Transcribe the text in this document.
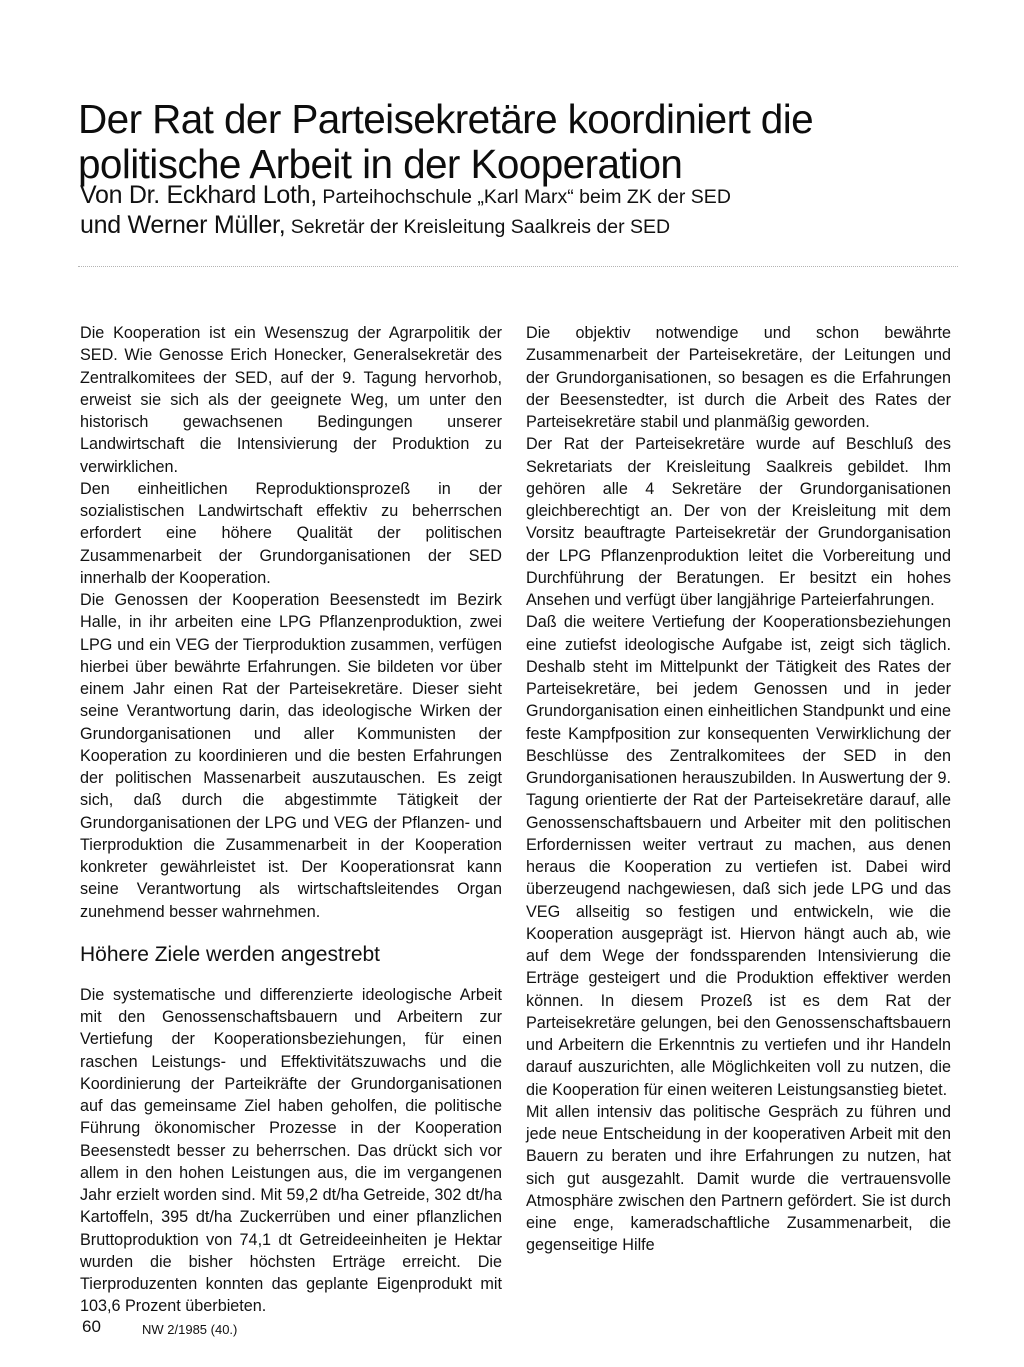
Der Rat der Parteisekretäre koordiniert die politische Arbeit in der Kooperation
Von Dr. Eckhard Loth, Parteihochschule „Karl Marx“ beim ZK der SED
und Werner Müller, Sekretär der Kreisleitung Saalkreis der SED

Die Kooperation ist ein Wesenszug der Agrarpolitik der SED. Wie Genosse Erich Honecker, Generalsekretär des Zentralkomitees der SED, auf der 9. Tagung hervorhob, erweist sie sich als der geeignete Weg, um unter den historisch gewachsenen Bedingungen unserer Landwirtschaft die Intensivierung der Produktion zu verwirklichen.

Den einheitlichen Reproduktionsprozeß in der sozialistischen Landwirtschaft effektiv zu beherrschen erfordert eine höhere Qualität der politischen Zusammenarbeit der Grundorganisationen der SED innerhalb der Kooperation.

Die Genossen der Kooperation Beesenstedt im Bezirk Halle, in ihr arbeiten eine LPG Pflanzenproduktion, zwei LPG und ein VEG der Tierproduktion zusammen, verfügen hierbei über bewährte Erfahrungen. Sie bildeten vor über einem Jahr einen Rat der Parteisekretäre. Dieser sieht seine Verantwortung darin, das ideologische Wirken der Grundorganisationen und aller Kommunisten der Kooperation zu koordinieren und die besten Erfahrungen der politischen Massenarbeit auszutauschen. Es zeigt sich, daß durch die abgestimmte Tätigkeit der Grundorganisationen der LPG und VEG der Pflanzen- und Tierproduktion die Zusammenarbeit in der Kooperation konkreter gewährleistet ist. Der Kooperationsrat kann seine Verantwortung als wirtschaftsleitendes Organ zunehmend besser wahrnehmen.

Höhere Ziele werden angestrebt

Die systematische und differenzierte ideologische Arbeit mit den Genossenschaftsbauern und Arbeitern zur Vertiefung der Kooperationsbeziehungen, für einen raschen Leistungs- und Effektivitätszuwachs und die Koordinierung der Parteikräfte der Grundorganisationen auf das gemeinsame Ziel haben geholfen, die politische Führung ökonomischer Prozesse in der Kooperation Beesenstedt besser zu beherrschen. Das drückt sich vor allem in den hohen Leistungen aus, die im vergangenen Jahr erzielt worden sind. Mit 59,2 dt/ha Getreide, 302 dt/ha Kartoffeln, 395 dt/ha Zuckerrüben und einer pflanzlichen Bruttoproduktion von 74,1 dt Getreideeinheiten je Hektar wurden die bisher höchsten Erträge erreicht. Die Tierproduzenten konnten das geplante Eigenprodukt mit 103,6 Prozent überbieten.

Die objektiv notwendige und schon bewährte Zusammenarbeit der Parteisekretäre, der Leitungen und der Grundorganisationen, so besagen es die Erfahrungen der Beesenstedter, ist durch die Arbeit des Rates der Parteisekretäre stabil und planmäßig geworden.

Der Rat der Parteisekretäre wurde auf Beschluß des Sekretariats der Kreisleitung Saalkreis gebildet. Ihm gehören alle 4 Sekretäre der Grundorganisationen gleichberechtigt an. Der von der Kreisleitung mit dem Vorsitz beauftragte Parteisekretär der Grundorganisation der LPG Pflanzenproduktion leitet die Vorbereitung und Durchführung der Beratungen. Er besitzt ein hohes Ansehen und verfügt über langjährige Parteierfahrungen.

Daß die weitere Vertiefung der Kooperationsbeziehungen eine zutiefst ideologische Aufgabe ist, zeigt sich täglich. Deshalb steht im Mittelpunkt der Tätigkeit des Rates der Parteisekretäre, bei jedem Genossen und in jeder Grundorganisation einen einheitlichen Standpunkt und eine feste Kampfposition zur konsequenten Verwirklichung der Beschlüsse des Zentralkomitees der SED in den Grundorganisationen herauszubilden. In Auswertung der 9. Tagung orientierte der Rat der Parteisekretäre darauf, alle Genossenschaftsbauern und Arbeiter mit den politischen Erfordernissen weiter vertraut zu machen, aus denen heraus die Kooperation zu vertiefen ist. Dabei wird überzeugend nachgewiesen, daß sich jede LPG und das VEG allseitig so festigen und entwickeln, wie die Kooperation ausgeprägt ist. Hiervon hängt auch ab, wie auf dem Wege der fondssparenden Intensivierung die Erträge gesteigert und die Produktion effektiver werden können. In diesem Prozeß ist es dem Rat der Parteisekretäre gelungen, bei den Genossenschaftsbauern und Arbeitern die Erkenntnis zu vertiefen und ihr Handeln darauf auszurichten, alle Möglichkeiten voll zu nutzen, die die Kooperation für einen weiteren Leistungsanstieg bietet.

Mit allen intensiv das politische Gespräch zu führen und jede neue Entscheidung in der kooperativen Arbeit mit den Bauern zu beraten und ihre Erfahrungen zu nutzen, hat sich gut ausgezahlt. Damit wurde die vertrauensvolle Atmosphäre zwischen den Partnern gefördert. Sie ist durch eine enge, kameradschaftliche Zusammenarbeit, die gegenseitige Hilfe

60	NW 2/1985 (40.)
